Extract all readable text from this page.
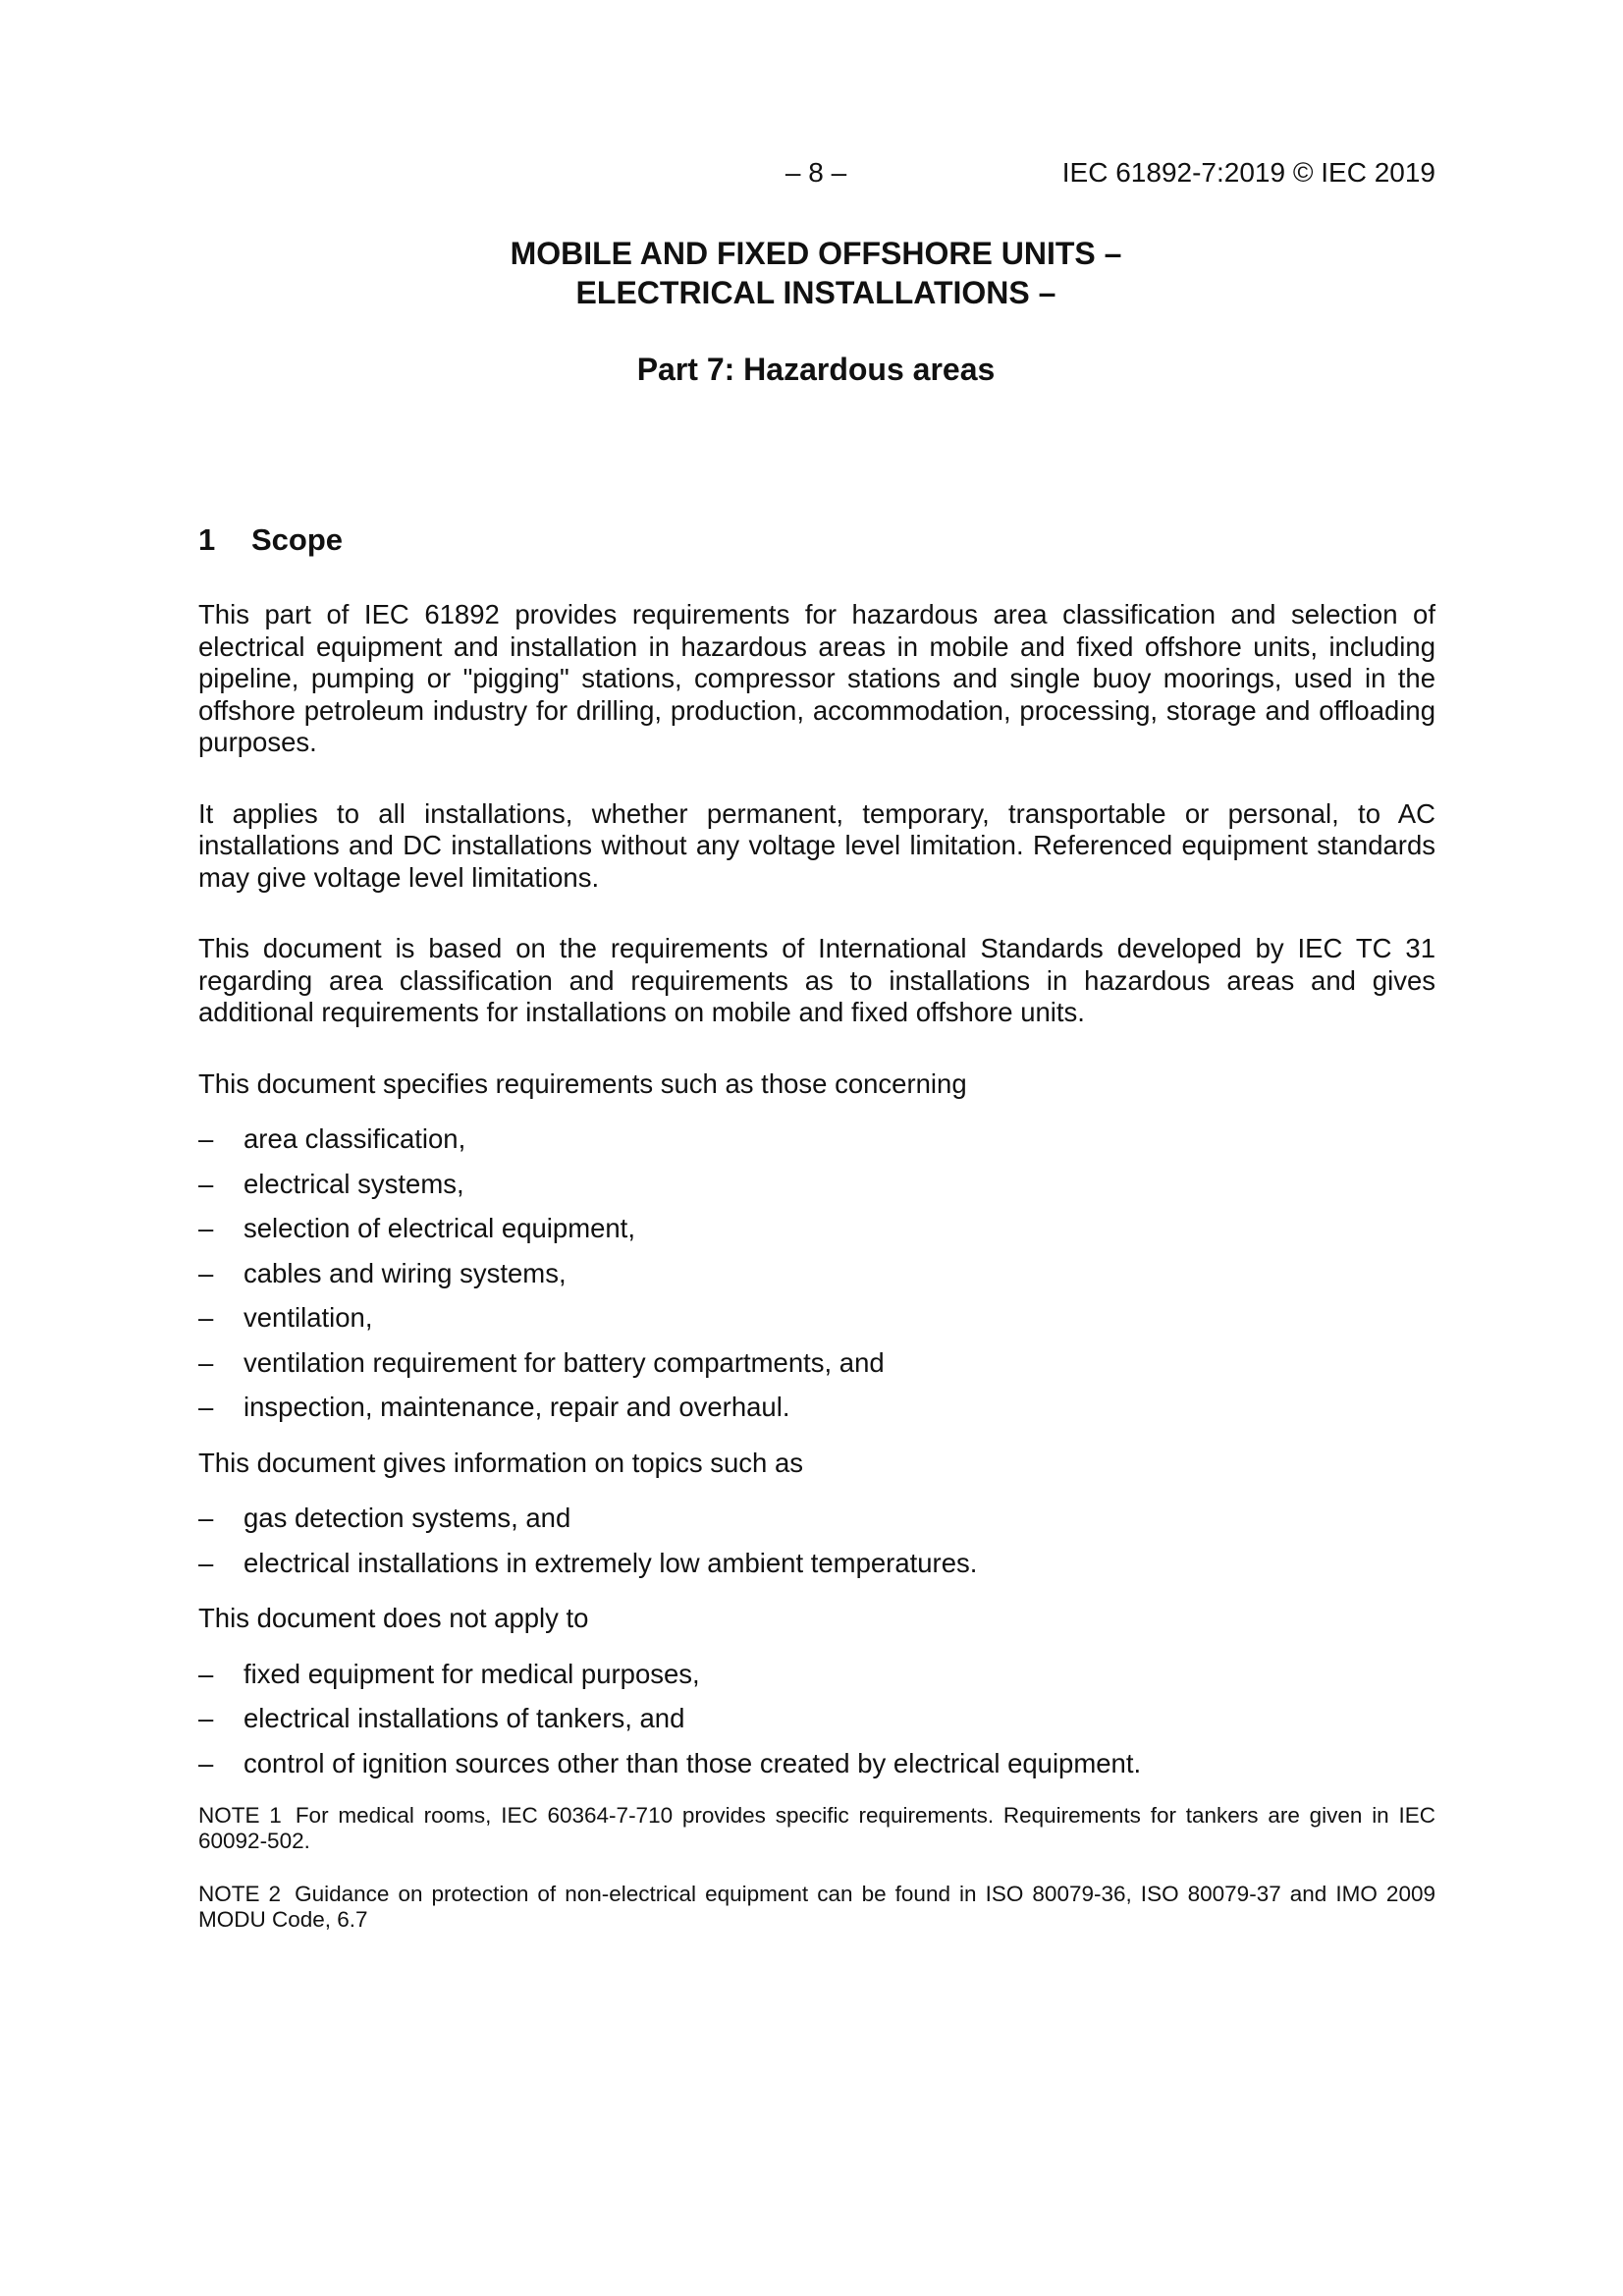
– 8 –	IEC 61892-7:2019 © IEC 2019
MOBILE AND FIXED OFFSHORE UNITS –
ELECTRICAL INSTALLATIONS –
Part 7: Hazardous areas
1	Scope

This part of IEC 61892 provides requirements for hazardous area classification and selection of electrical equipment and installation in hazardous areas in mobile and fixed offshore units, including pipeline, pumping or "pigging" stations, compressor stations and single buoy moorings, used in the offshore petroleum industry for drilling, production, accommodation, processing, storage and offloading purposes.

It applies to all installations, whether permanent, temporary, transportable or personal, to AC installations and DC installations without any voltage level limitation. Referenced equipment standards may give voltage level limitations.

This document is based on the requirements of International Standards developed by IEC TC 31 regarding area classification and requirements as to installations in hazardous areas and gives additional requirements for installations on mobile and fixed offshore units.

This document specifies requirements such as those concerning

–	area classification,
–	electrical systems,
–	selection of electrical equipment,
–	cables and wiring systems,
–	ventilation,
–	ventilation requirement for battery compartments, and
–	inspection, maintenance, repair and overhaul.

This document gives information on topics such as

–	gas detection systems, and
–	electrical installations in extremely low ambient temperatures.

This document does not apply to

–	fixed equipment for medical purposes,
–	electrical installations of tankers, and
–	control of ignition sources other than those created by electrical equipment.
NOTE 1 For medical rooms, IEC 60364-7-710 provides specific requirements. Requirements for tankers are given in IEC 60092-502.
NOTE 2 Guidance on protection of non-electrical equipment can be found in ISO 80079-36, ISO 80079-37 and IMO 2009 MODU Code, 6.7
